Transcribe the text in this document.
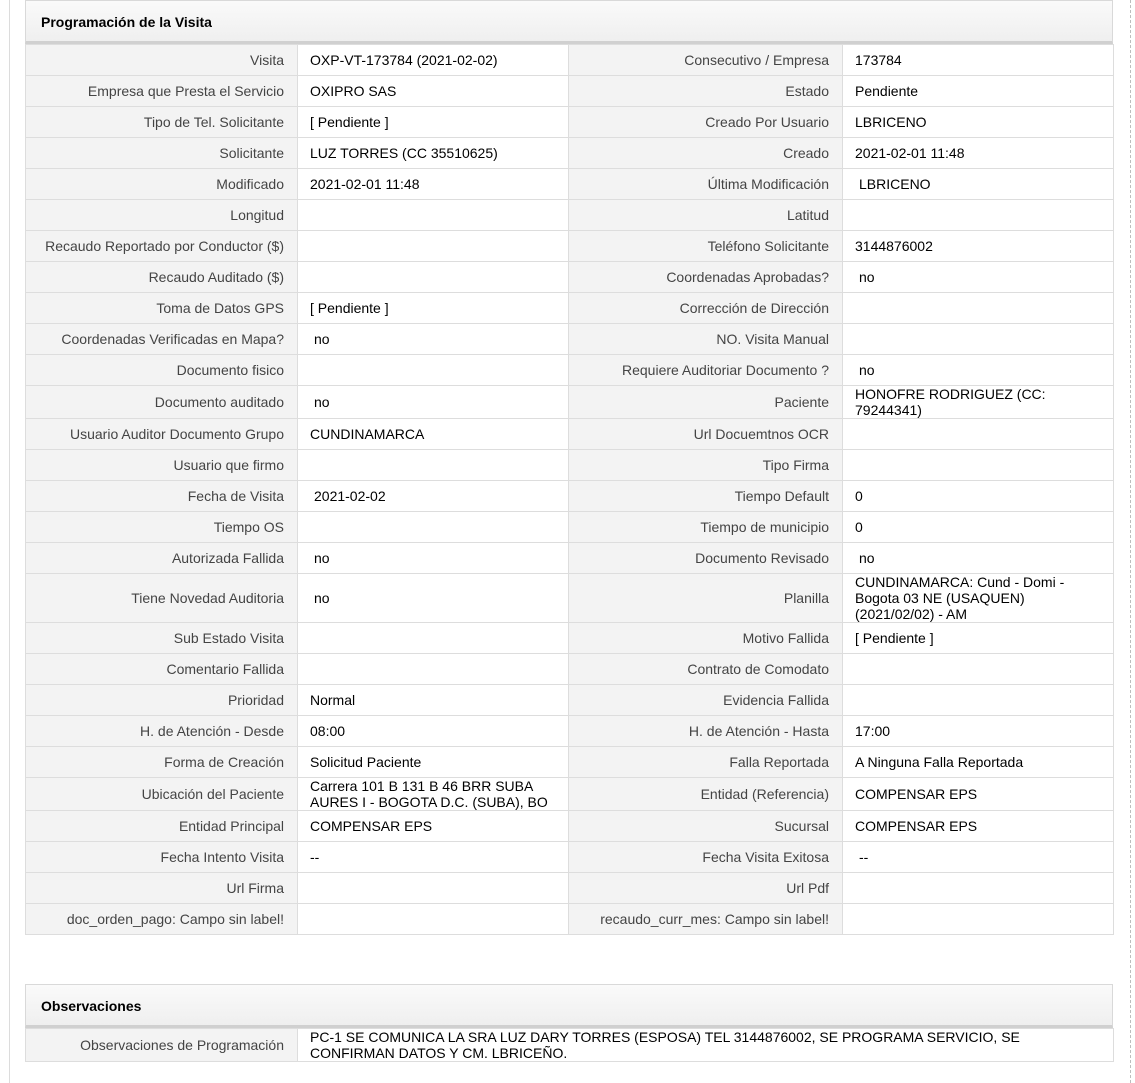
Programación de la Visita
Visita	OXP-VT-173784 (2021-02-02)	Consecutivo / Empresa	173784
Empresa que Presta el Servicio	OXIPRO SAS	Estado	Pendiente
Tipo de Tel. Solicitante	[ Pendiente ]	Creado Por Usuario	LBRICENO
Solicitante	LUZ TORRES (CC 35510625)	Creado	2021-02-01 11:48
Modificado	2021-02-01 11:48	Última Modificación	LBRICENO
Longitud		Latitud	
Recaudo Reportado por Conductor ($)		Teléfono Solicitante	3144876002
Recaudo Auditado ($)		Coordenadas Aprobadas?	no
Toma de Datos GPS	[ Pendiente ]	Corrección de Dirección	
Coordenadas Verificadas en Mapa?	no	NO. Visita Manual	
Documento fisico		Requiere Auditoriar Documento ?	no
Documento auditado	no	Paciente	HONOFRE RODRIGUEZ (CC: 79244341)
Usuario Auditor Documento Grupo	CUNDINAMARCA	Url Docuemtnos OCR	
Usuario que firmo		Tipo Firma	
Fecha de Visita	2021-02-02	Tiempo Default	0
Tiempo OS		Tiempo de municipio	0
Autorizada Fallida	no	Documento Revisado	no
Tiene Novedad Auditoria	no	Planilla	CUNDINAMARCA: Cund - Domi - Bogota 03 NE (USAQUEN) (2021/02/02) - AM
Sub Estado Visita		Motivo Fallida	[ Pendiente ]
Comentario Fallida		Contrato de Comodato	
Prioridad	Normal	Evidencia Fallida	
H. de Atención - Desde	08:00	H. de Atención - Hasta	17:00
Forma de Creación	Solicitud Paciente	Falla Reportada	A Ninguna Falla Reportada
Ubicación del Paciente	Carrera 101 B 131 B 46 BRR SUBA AURES I - BOGOTA D.C. (SUBA), BO	Entidad (Referencia)	COMPENSAR EPS
Entidad Principal	COMPENSAR EPS	Sucursal	COMPENSAR EPS
Fecha Intento Visita	--	Fecha Visita Exitosa	--
Url Firma		Url Pdf	
doc_orden_pago: Campo sin label!		recaudo_curr_mes: Campo sin label!	
Observaciones
Observaciones de Programación	PC-1 SE COMUNICA LA SRA LUZ DARY TORRES (ESPOSA) TEL 3144876002, SE PROGRAMA SERVICIO, SE CONFIRMAN DATOS Y CM. LBRICEÑO.
